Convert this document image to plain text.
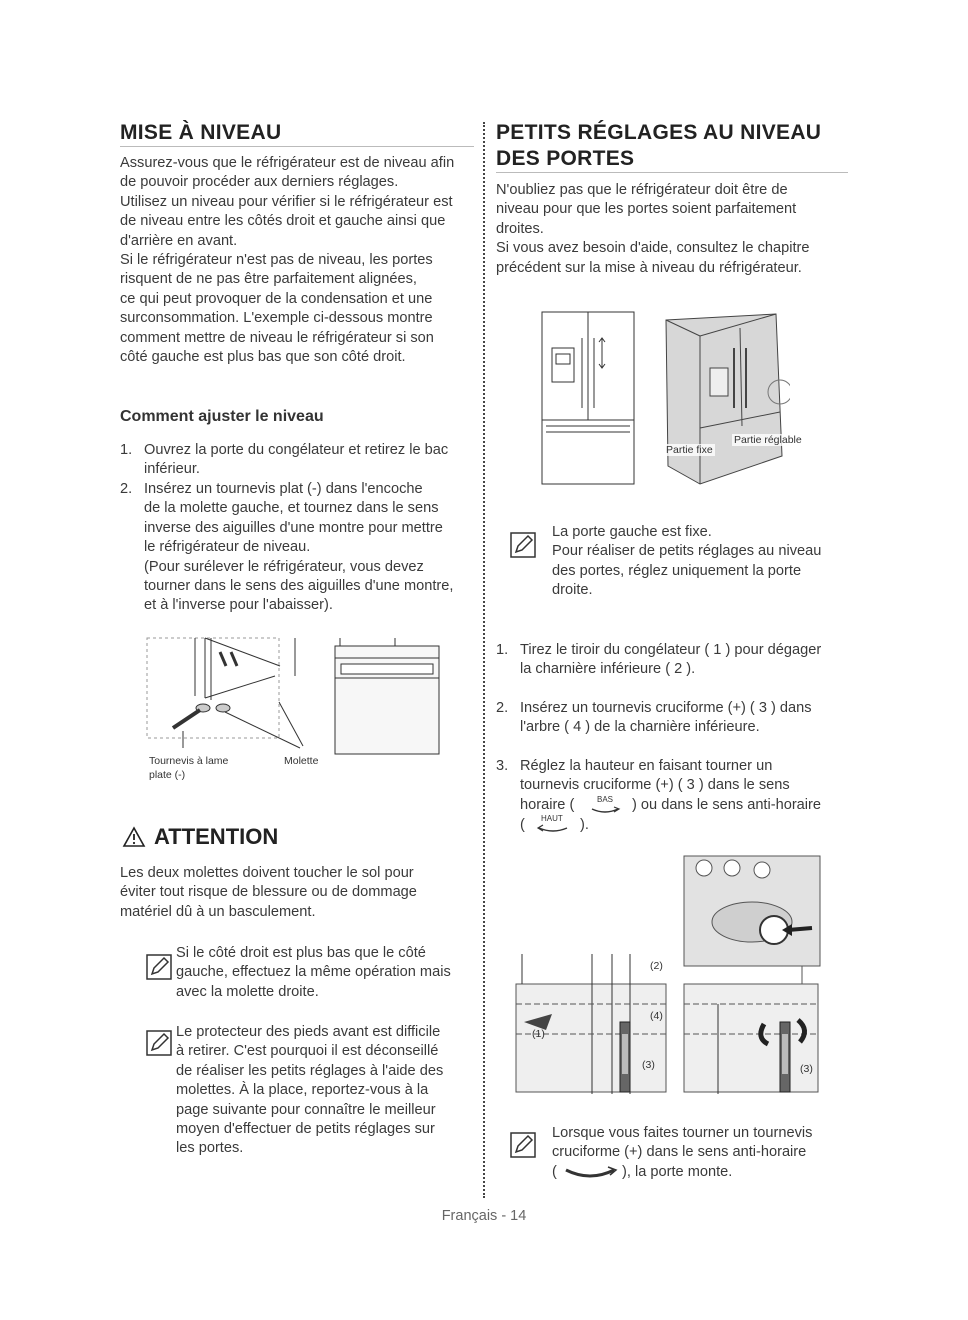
MISE À NIVEAU

Assurez-vous que le réfrigérateur est de niveau afin
de pouvoir procéder aux derniers réglages.
Utilisez un niveau pour vérifier si le réfrigérateur est
de niveau entre les côtés droit et gauche ainsi que
d'arrière en avant.
Si le réfrigérateur n'est pas de niveau, les portes
risquent de ne pas être parfaitement alignées,
ce qui peut provoquer de la condensation et une
surconsommation. L'exemple ci-dessous montre
comment mettre de niveau le réfrigérateur si son
côté gauche est plus bas que son côté droit.

Comment ajuster le niveau
1. Ouvrez la porte du congélateur et retirez le bac
inférieur.
2. Insérez un tournevis plat (-) dans l'encoche
de la molette gauche, et tournez dans le sens
inverse des aiguilles d'une montre pour mettre
le réfrigérateur de niveau.
(Pour surélever le réfrigérateur, vous devez
tourner dans le sens des aiguilles d'une montre,
et à l'inverse pour l'abaisser).
Tournevis à lame
plate (-)
Molette
ATTENTION

Les deux molettes doivent toucher le sol pour
éviter tout risque de blessure ou de dommage
matériel dû à un basculement.

Si le côté droit est plus bas que le côté
gauche, effectuez la même opération mais
avec la molette droite.

Le protecteur des pieds avant est difficile
à retirer. C'est pourquoi il est déconseillé
de réaliser les petits réglages à l'aide des
molettes. À la place, reportez-vous à la
page suivante pour connaître le meilleur
moyen d'effectuer de petits réglages sur
les portes.

PETITS RÉGLAGES AU NIVEAU
DES PORTES

N'oubliez pas que le réfrigérateur doit être de
niveau pour que les portes soient parfaitement
droites.
Si vous avez besoin d'aide, consultez le chapitre
précédent sur la mise à niveau du réfrigérateur.

Partie fixe
Partie réglable

La porte gauche est fixe.
Pour réaliser de petits réglages au niveau
des portes, réglez uniquement la porte
droite.

1. Tirez le tiroir du congélateur ( 1 ) pour dégager
la charnière inférieure ( 2 ).
2. Insérez un tournevis cruciforme (+) ( 3 ) dans
l'arbre ( 4 ) de la charnière inférieure.
3. Réglez la hauteur en faisant tourner un
tournevis cruciforme (+) ( 3 ) dans le sens
horaire (	BAS ) ou dans le sens anti-horaire
( HAUT ).
(1)
(2)
(4)
(3)	(3)

Lorsque vous faites tourner un tournevis
cruciforme (+) dans le sens anti-horaire

(	), la porte monte.
Français - 14
